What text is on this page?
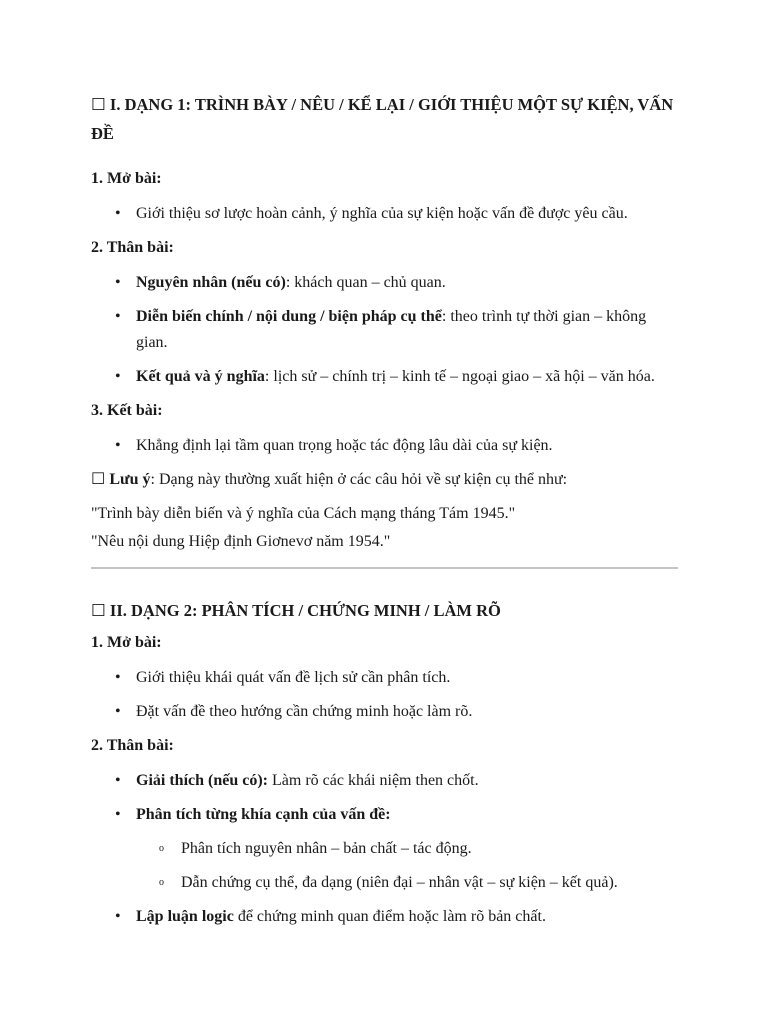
☐ I. DẠNG 1: TRÌNH BÀY / NÊU / KỂ LẠI / GIỚI THIỆU MỘT SỰ KIỆN, VẤN ĐỀ
1. Mở bài:
• Giới thiệu sơ lược hoàn cảnh, ý nghĩa của sự kiện hoặc vấn đề được yêu cầu.
2. Thân bài:
• Nguyên nhân (nếu có): khách quan – chủ quan.
• Diễn biến chính / nội dung / biện pháp cụ thể: theo trình tự thời gian – không gian.
• Kết quả và ý nghĩa: lịch sử – chính trị – kinh tế – ngoại giao – xã hội – văn hóa.
3. Kết bài:
• Khẳng định lại tầm quan trọng hoặc tác động lâu dài của sự kiện.

☐ Lưu ý: Dạng này thường xuất hiện ở các câu hỏi về sự kiện cụ thể như:

"Trình bày diễn biến và ý nghĩa của Cách mạng tháng Tám 1945."

"Nêu nội dung Hiệp định Giơnevơ năm 1954."

☐ II. DẠNG 2: PHÂN TÍCH / CHỨNG MINH / LÀM RÕ
1. Mở bài:
• Giới thiệu khái quát vấn đề lịch sử cần phân tích.
• Đặt vấn đề theo hướng cần chứng minh hoặc làm rõ.
2. Thân bài:
• Giải thích (nếu có): Làm rõ các khái niệm then chốt.
• Phân tích từng khía cạnh của vấn đề:
o Phân tích nguyên nhân – bản chất – tác động.
o Dẫn chứng cụ thể, đa dạng (niên đại – nhân vật – sự kiện – kết quả).
• Lập luận logic để chứng minh quan điểm hoặc làm rõ bản chất.
